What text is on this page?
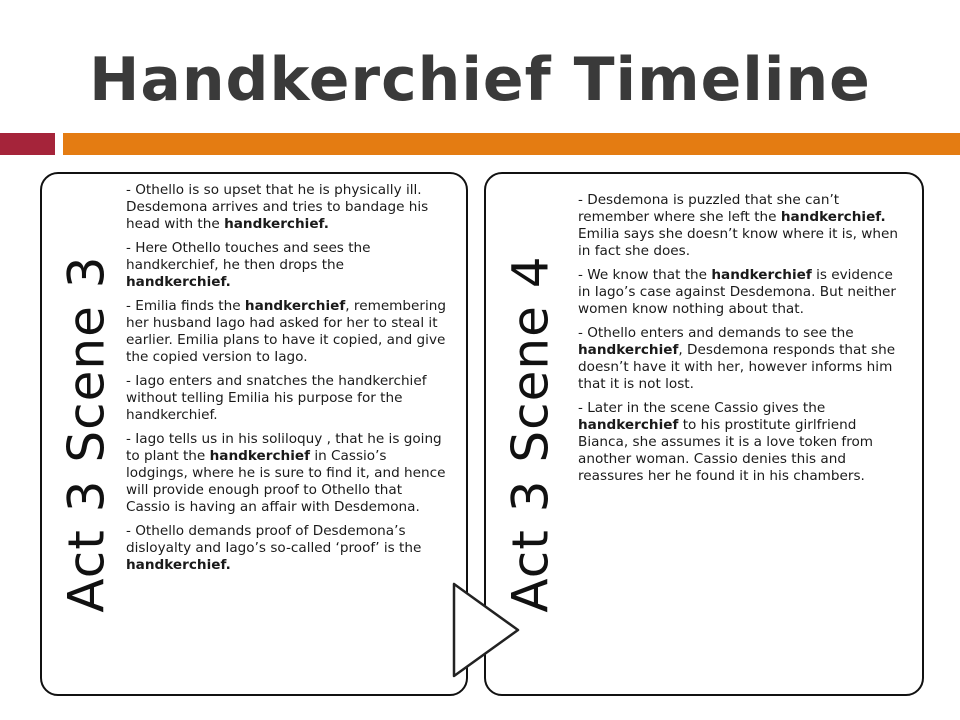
Handkerchief Timeline
Act 3 Scene 3

- Othello is so upset that he is physically ill. Desdemona arrives and tries to bandage his head with the handkerchief.

- Here Othello touches and sees the handkerchief, he then drops the handkerchief.

- Emilia finds the handkerchief, remembering her husband Iago had asked for her to steal it earlier. Emilia plans to have it copied, and give the copied version to Iago.

- Iago enters and snatches the handkerchief without telling Emilia his purpose for the handkerchief.

- Iago tells us in his soliloquy , that he is going to plant the handkerchief in Cassio’s lodgings, where he is sure to find it, and hence will provide enough proof to Othello that Cassio is having an affair with Desdemona.

- Othello demands proof of Desdemona’s disloyalty and Iago’s so-called ‘proof’ is the handkerchief.	Act 3 Scene 4

- Desdemona is puzzled that she can’t remember where she left the handkerchief. Emilia says she doesn’t know where it is, when in fact she does.

- We know that the handkerchief is evidence in Iago’s case against Desdemona. But neither women know nothing about that.

- Othello enters and demands to see the handkerchief, Desdemona responds that she doesn’t have it with her, however informs him that it is not lost.

- Later in the scene Cassio gives the handkerchief to his prostitute girlfriend Bianca, she assumes it is a love token from another woman. Cassio denies this and reassures her he found it in his chambers.
